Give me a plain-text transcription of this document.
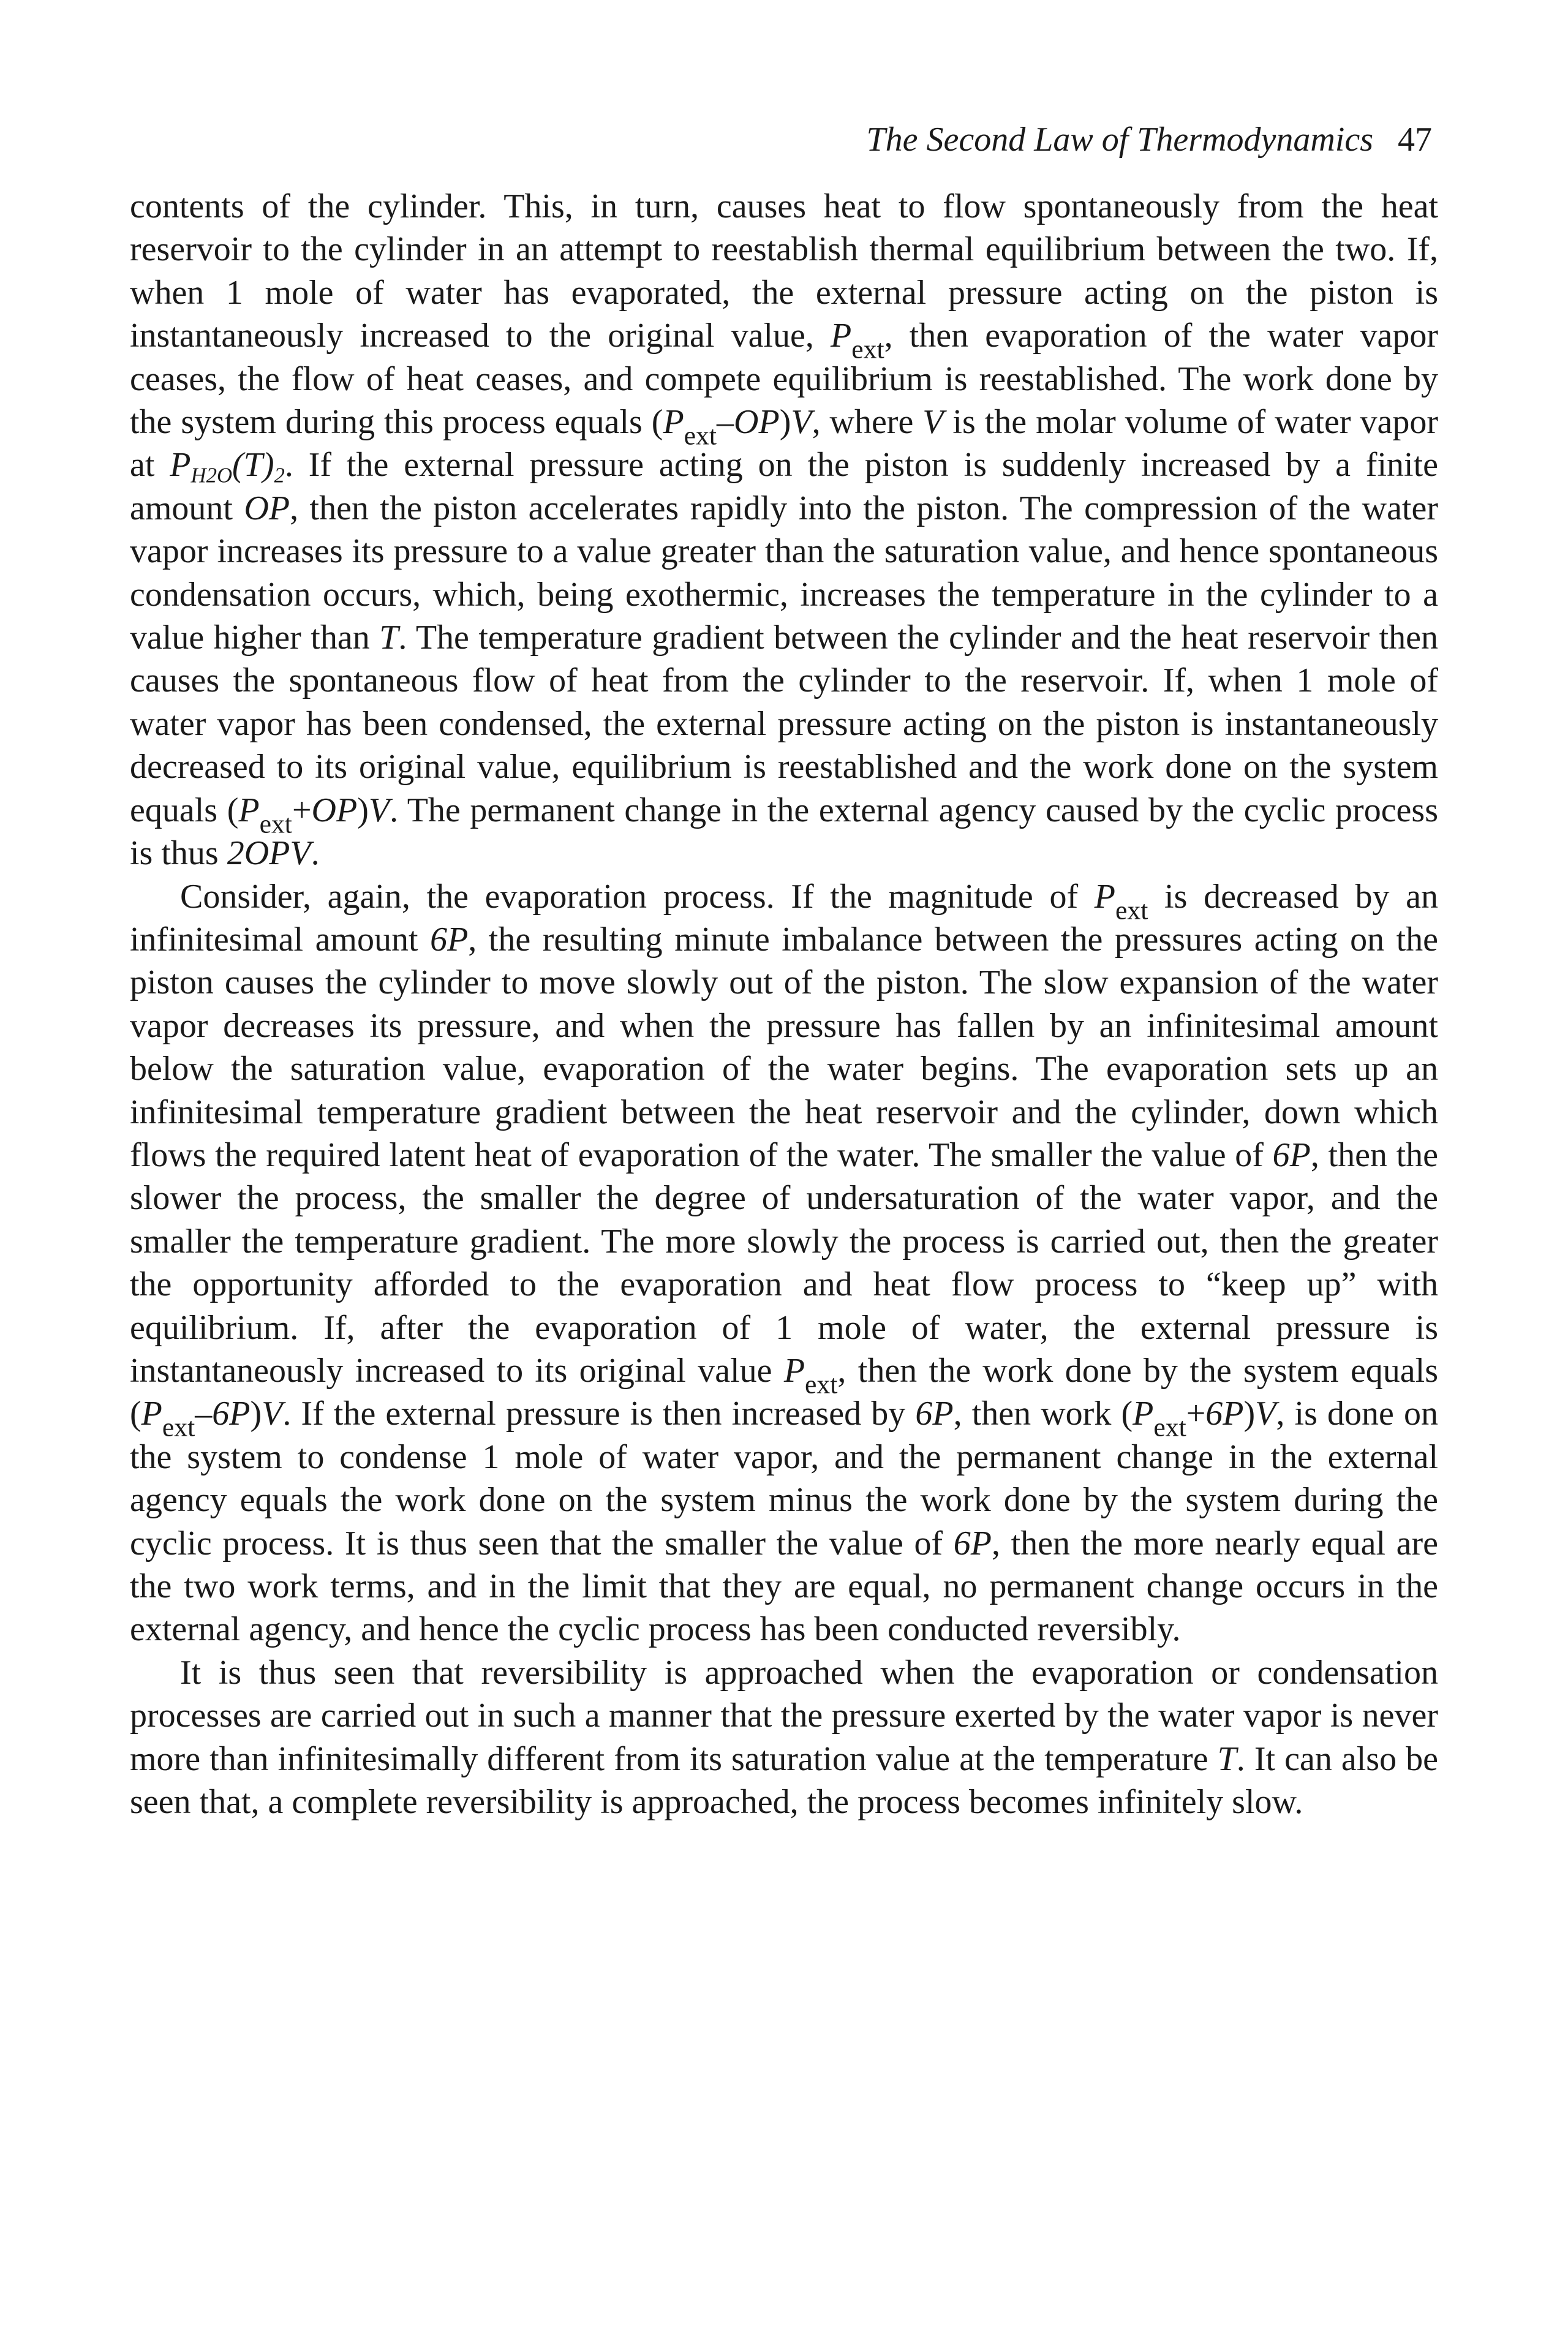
The Second Law of Thermodynamics 47

contents of the cylinder. This, in turn, causes heat to flow spontaneously from the heat reservoir to the cylinder in an attempt to reestablish thermal equilibrium between the two. If, when 1 mole of water has evaporated, the external pressure acting on the piston is instantaneously increased to the original value, $P_{ext}$, then evaporation of the water vapor ceases, the flow of heat ceases, and compete equilibrium is reestablished. The work done by the system during this process equals $(P_{ext}-OP)V$, where V is the molar volume of water vapor at $P_{H2O}(T)_2$. If the external pressure acting on the piston is suddenly increased by a finite amount OP, then the piston accelerates rapidly into the piston. The compression of the water vapor increases its pressure to a value greater than the saturation value, and hence spontaneous condensation occurs, which, being exothermic, increases the temperature in the cylinder to a value higher than T. The temperature gradient between the cylinder and the heat reservoir then causes the spontaneous flow of heat from the cylinder to the reservoir. If, when 1 mole of water vapor has been condensed, the external pressure acting on the piston is instantaneously decreased to its original value, equilibrium is reestablished and the work done on the system equals $(P_{ext}+OP)V$. The permanent change in the external agency caused by the cyclic process is thus 2OPV.

Consider, again, the evaporation process. If the magnitude of $P_{ext}$ is decreased by an infinitesimal amount 6P, the resulting minute imbalance between the pressures acting on the piston causes the cylinder to move slowly out of the piston. The slow expansion of the water vapor decreases its pressure, and when the pressure has fallen by an infinitesimal amount below the saturation value, evaporation of the water begins. The evaporation sets up an infinitesimal temperature gradient between the heat reservoir and the cylinder, down which flows the required latent heat of evaporation of the water. The smaller the value of 6P, then the slower the process, the smaller the degree of undersaturation of the water vapor, and the smaller the temperature gradient. The more slowly the process is carried out, then the greater the opportunity afforded to the evaporation and heat flow process to “keep up” with equilibrium. If, after the evaporation of 1 mole of water, the external pressure is instantaneously increased to its original value $P_{ext}$, then the work done by the system equals $(P_{ext}-6P)V$. If the external pressure is then increased by 6P, then work $(P_{ext}+6P)V$, is done on the system to condense 1 mole of water vapor, and the permanent change in the external agency equals the work done on the system minus the work done by the system during the cyclic process. It is thus seen that the smaller the value of 6P, then the more nearly equal are the two work terms, and in the limit that they are equal, no permanent change occurs in the external agency, and hence the cyclic process has been conducted reversibly.

It is thus seen that reversibility is approached when the evaporation or condensation processes are carried out in such a manner that the pressure exerted by the water vapor is never more than infinitesimally different from its saturation value at the temperature T. It can also be seen that, a complete reversibility is approached, the process becomes infinitely slow.
